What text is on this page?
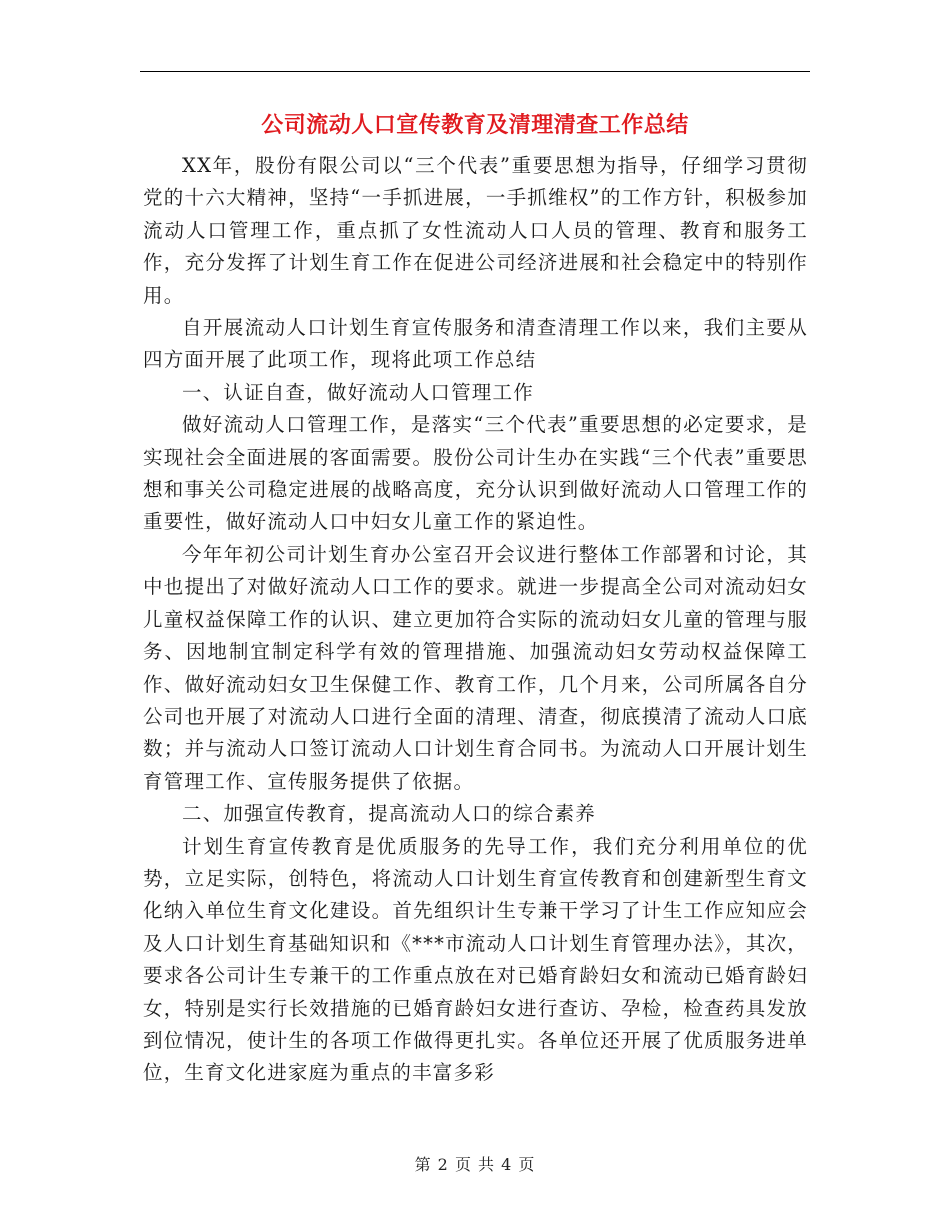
公司流动人口宣传教育及清理清查工作总结

XX年，股份有限公司以“三个代表”重要思想为指导，仔细学习贯彻党的十六大精神，坚持“一手抓进展，一手抓维权”的工作方针，积极参加流动人口管理工作，重点抓了女性流动人口人员的管理、教育和服务工作，充分发挥了计划生育工作在促进公司经济进展和社会稳定中的特别作用。

自开展流动人口计划生育宣传服务和清查清理工作以来，我们主要从四方面开展了此项工作，现将此项工作总结

一、认证自查，做好流动人口管理工作

做好流动人口管理工作，是落实“三个代表”重要思想的必定要求，是实现社会全面进展的客面需要。股份公司计生办在实践“三个代表”重要思想和事关公司稳定进展的战略高度，充分认识到做好流动人口管理工作的重要性，做好流动人口中妇女儿童工作的紧迫性。

今年年初公司计划生育办公室召开会议进行整体工作部署和讨论，其中也提出了对做好流动人口工作的要求。就进一步提高全公司对流动妇女儿童权益保障工作的认识、建立更加符合实际的流动妇女儿童的管理与服务、因地制宜制定科学有效的管理措施、加强流动妇女劳动权益保障工作、做好流动妇女卫生保健工作、教育工作，几个月来，公司所属各自分公司也开展了对流动人口进行全面的清理、清查，彻底摸清了流动人口底数；并与流动人口签订流动人口计划生育合同书。为流动人口开展计划生育管理工作、宣传服务提供了依据。

二、加强宣传教育，提高流动人口的综合素养

计划生育宣传教育是优质服务的先导工作，我们充分利用单位的优势，立足实际，创特色，将流动人口计划生育宣传教育和创建新型生育文化纳入单位生育文化建设。首先组织计生专兼干学习了计生工作应知应会及人口计划生育基础知识和《***市流动人口计划生育管理办法》，其次，要求各公司计生专兼干的工作重点放在对已婚育龄妇女和流动已婚育龄妇女，特别是实行长效措施的已婚育龄妇女进行查访、孕检，检查药具发放到位情况，使计生的各项工作做得更扎实。各单位还开展了优质服务进单位，生育文化进家庭为重点的丰富多彩

第 2 页 共 4 页
